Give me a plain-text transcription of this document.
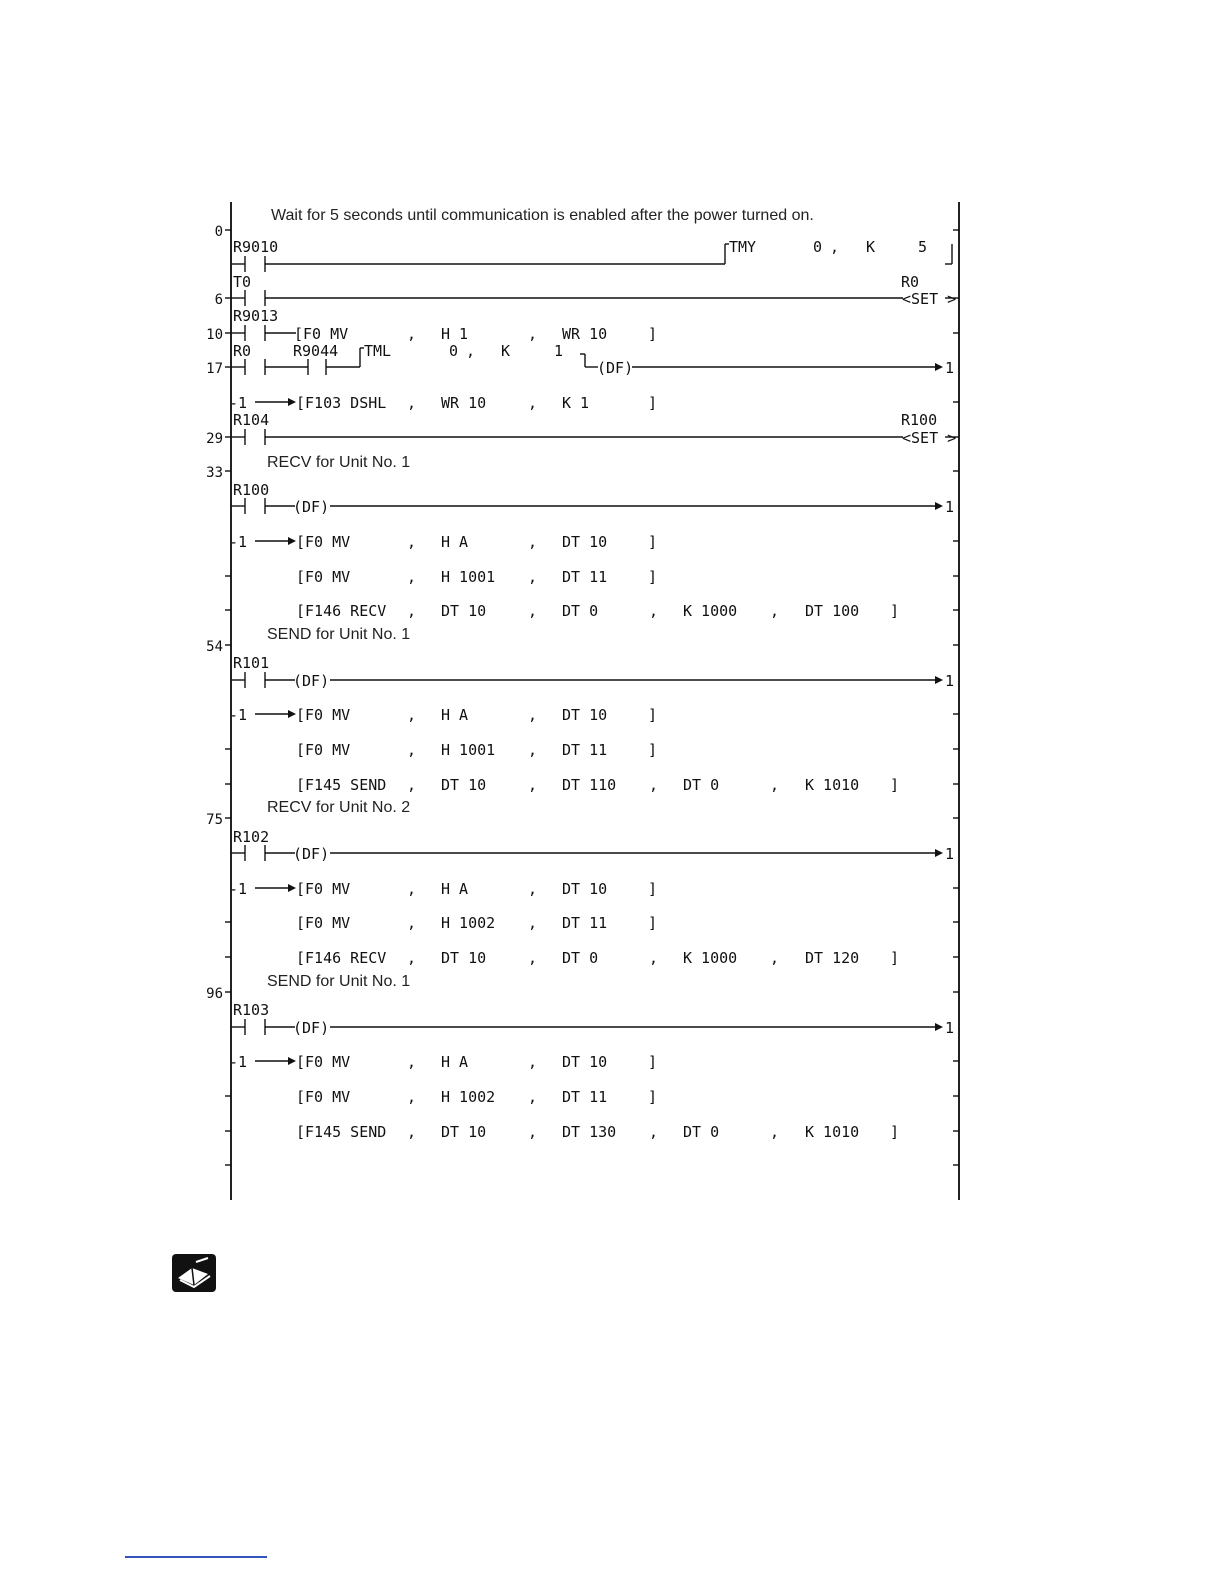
0
6
10
17
29
33
54
75
96
Wait for 5 seconds until communication is enabled after the power turned on.
RECV for Unit No. 1
SEND for Unit No. 1
RECV for Unit No. 2
SEND for Unit No. 1
R9010	TMY	0 , K	5
T0	R0
<SET >
R9013
[F0 MV	, H 1	, WR 10	]
R0	R9044 TML	0 , K	1
(DF)	1
-1	[F103 DSHL , WR 10	, K 1	]
R104	R100
<SET >
R100
(DF)	1
-1	[F0 MV	, H A	, DT 10	]
[F0 MV	, H 1001 , DT 11	]
[F146 RECV , DT 10	, DT 0	, K 1000 , DT 100 ]
R101
(DF)	1
-1	[F0 MV	, H A	, DT 10	]
[F0 MV	, H 1001 , DT 11	]
[F145 SEND , DT 10	, DT 110 , DT 0	, K 1010 ]
R102
(DF)	1
-1	[F0 MV	, H A	, DT 10	]
[F0 MV	, H 1002 , DT 11	]
[F146 RECV , DT 10	, DT 0	, K 1000 , DT 120 ]
R103
(DF)	1
-1	[F0 MV	, H A	, DT 10	]
[F0 MV	, H 1002 , DT 11	]
[F145 SEND , DT 10	, DT 130 , DT 0	, K 1010 ]
